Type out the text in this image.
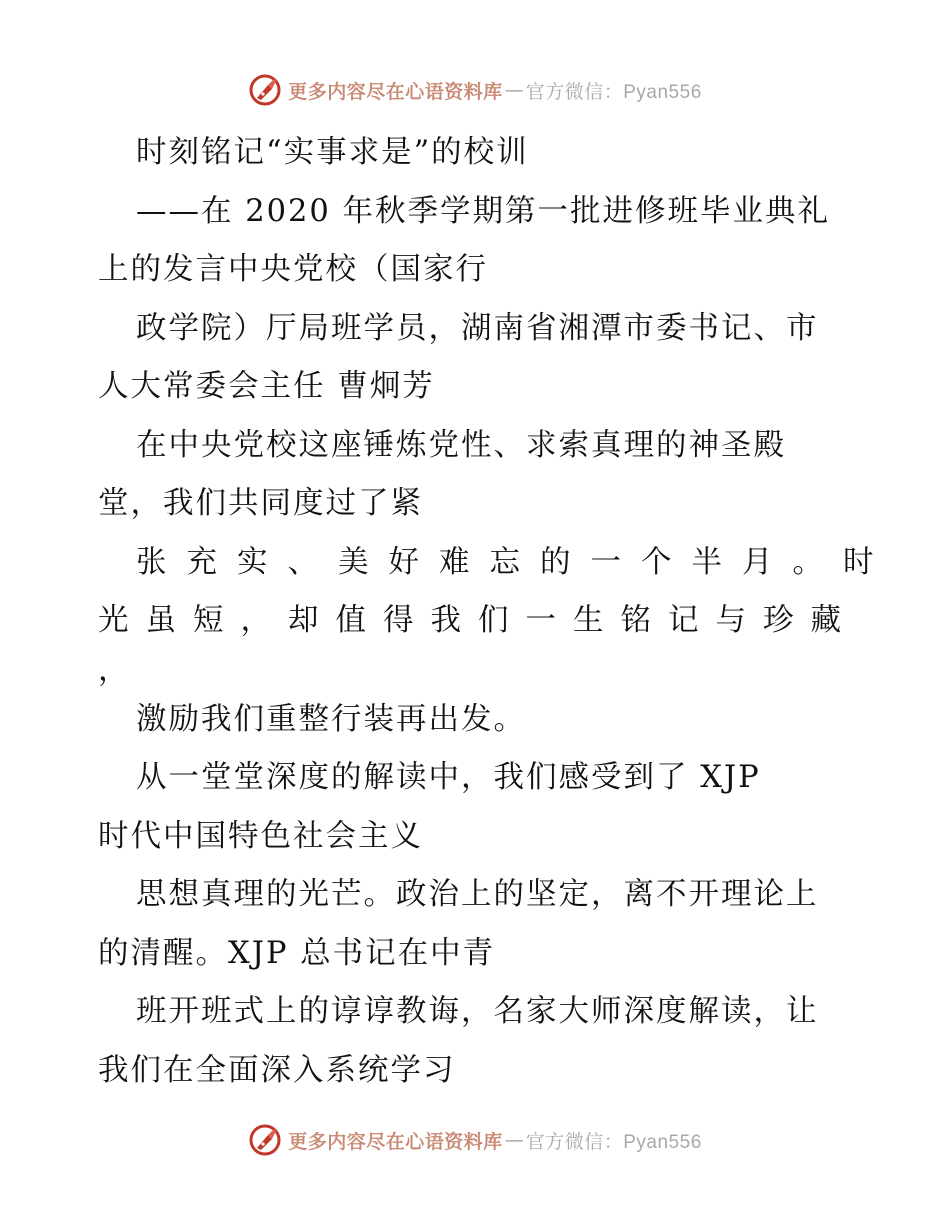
更多内容尽在心语资料库 — 官方微信：Pyan556
时刻铭记“实事求是”的校训
——在 2020 年秋季学期第一批进修班毕业典礼
上的发言中央党校（国家行
政学院）厅局班学员，湖南省湘潭市委书记、市
人大常委会主任 曹炯芳
在中央党校这座锤炼党性、求索真理的神圣殿
堂，我们共同度过了紧
张充实、美好难忘的一个半月。时
光虽短，却值得我们一生铭记与珍藏
，
激励我们重整行装再出发。
从一堂堂深度的解读中，我们感受到了 XJP
时代中国特色社会主义
思想真理的光芒。政治上的坚定，离不开理论上
的清醒。XJP 总书记在中青
班开班式上的谆谆教诲，名家大师深度解读，让
我们在全面深入系统学习
更多内容尽在心语资料库 — 官方微信：Pyan556
